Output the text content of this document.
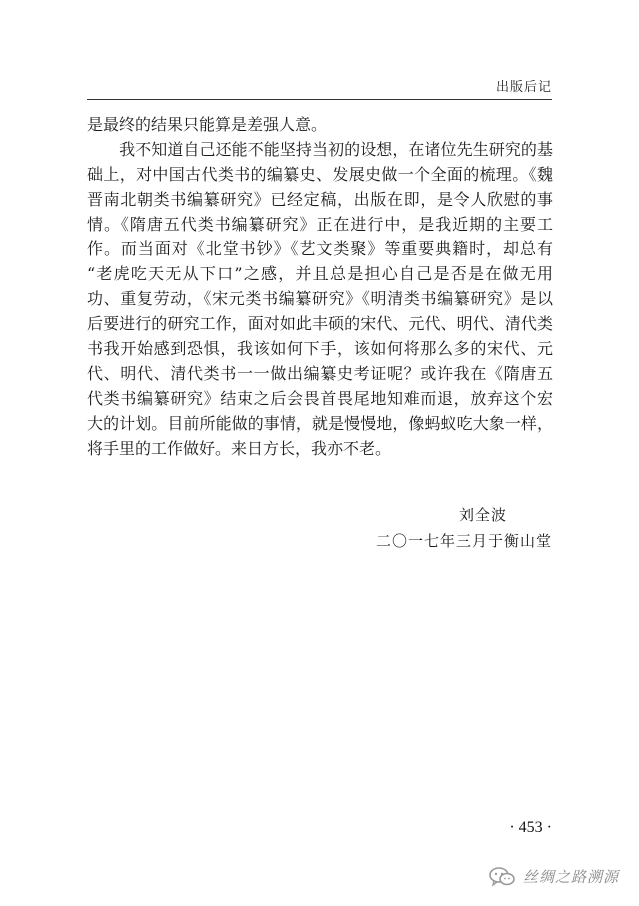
出版后记
是最终的结果只能算是差强人意。
　　我不知道自己还能不能坚持当初的设想，在诸位先生研究的基
础上，对中国古代类书的编纂史、发展史做一个全面的梳理。《魏
晋南北朝类书编纂研究》已经定稿，出版在即，是令人欣慰的事
情。《隋唐五代类书编纂研究》正在进行中，是我近期的主要工
作。而当面对《北堂书钞》《艺文类聚》等重要典籍时，却总有
“老虎吃天无从下口”之感，并且总是担心自己是否是在做无用
功、重复劳动，《宋元类书编纂研究》《明清类书编纂研究》是以
后要进行的研究工作，面对如此丰硕的宋代、元代、明代、清代类
书我开始感到恐惧，我该如何下手，该如何将那么多的宋代、元
代、明代、清代类书一一做出编纂史考证呢？或许我在《隋唐五
代类书编纂研究》结束之后会畏首畏尾地知难而退，放弃这个宏
大的计划。目前所能做的事情，就是慢慢地，像蚂蚁吃大象一样，
将手里的工作做好。来日方长，我亦不老。
刘全波
二〇一七年三月于衡山堂
· 453 ·
丝绸之路溯源
